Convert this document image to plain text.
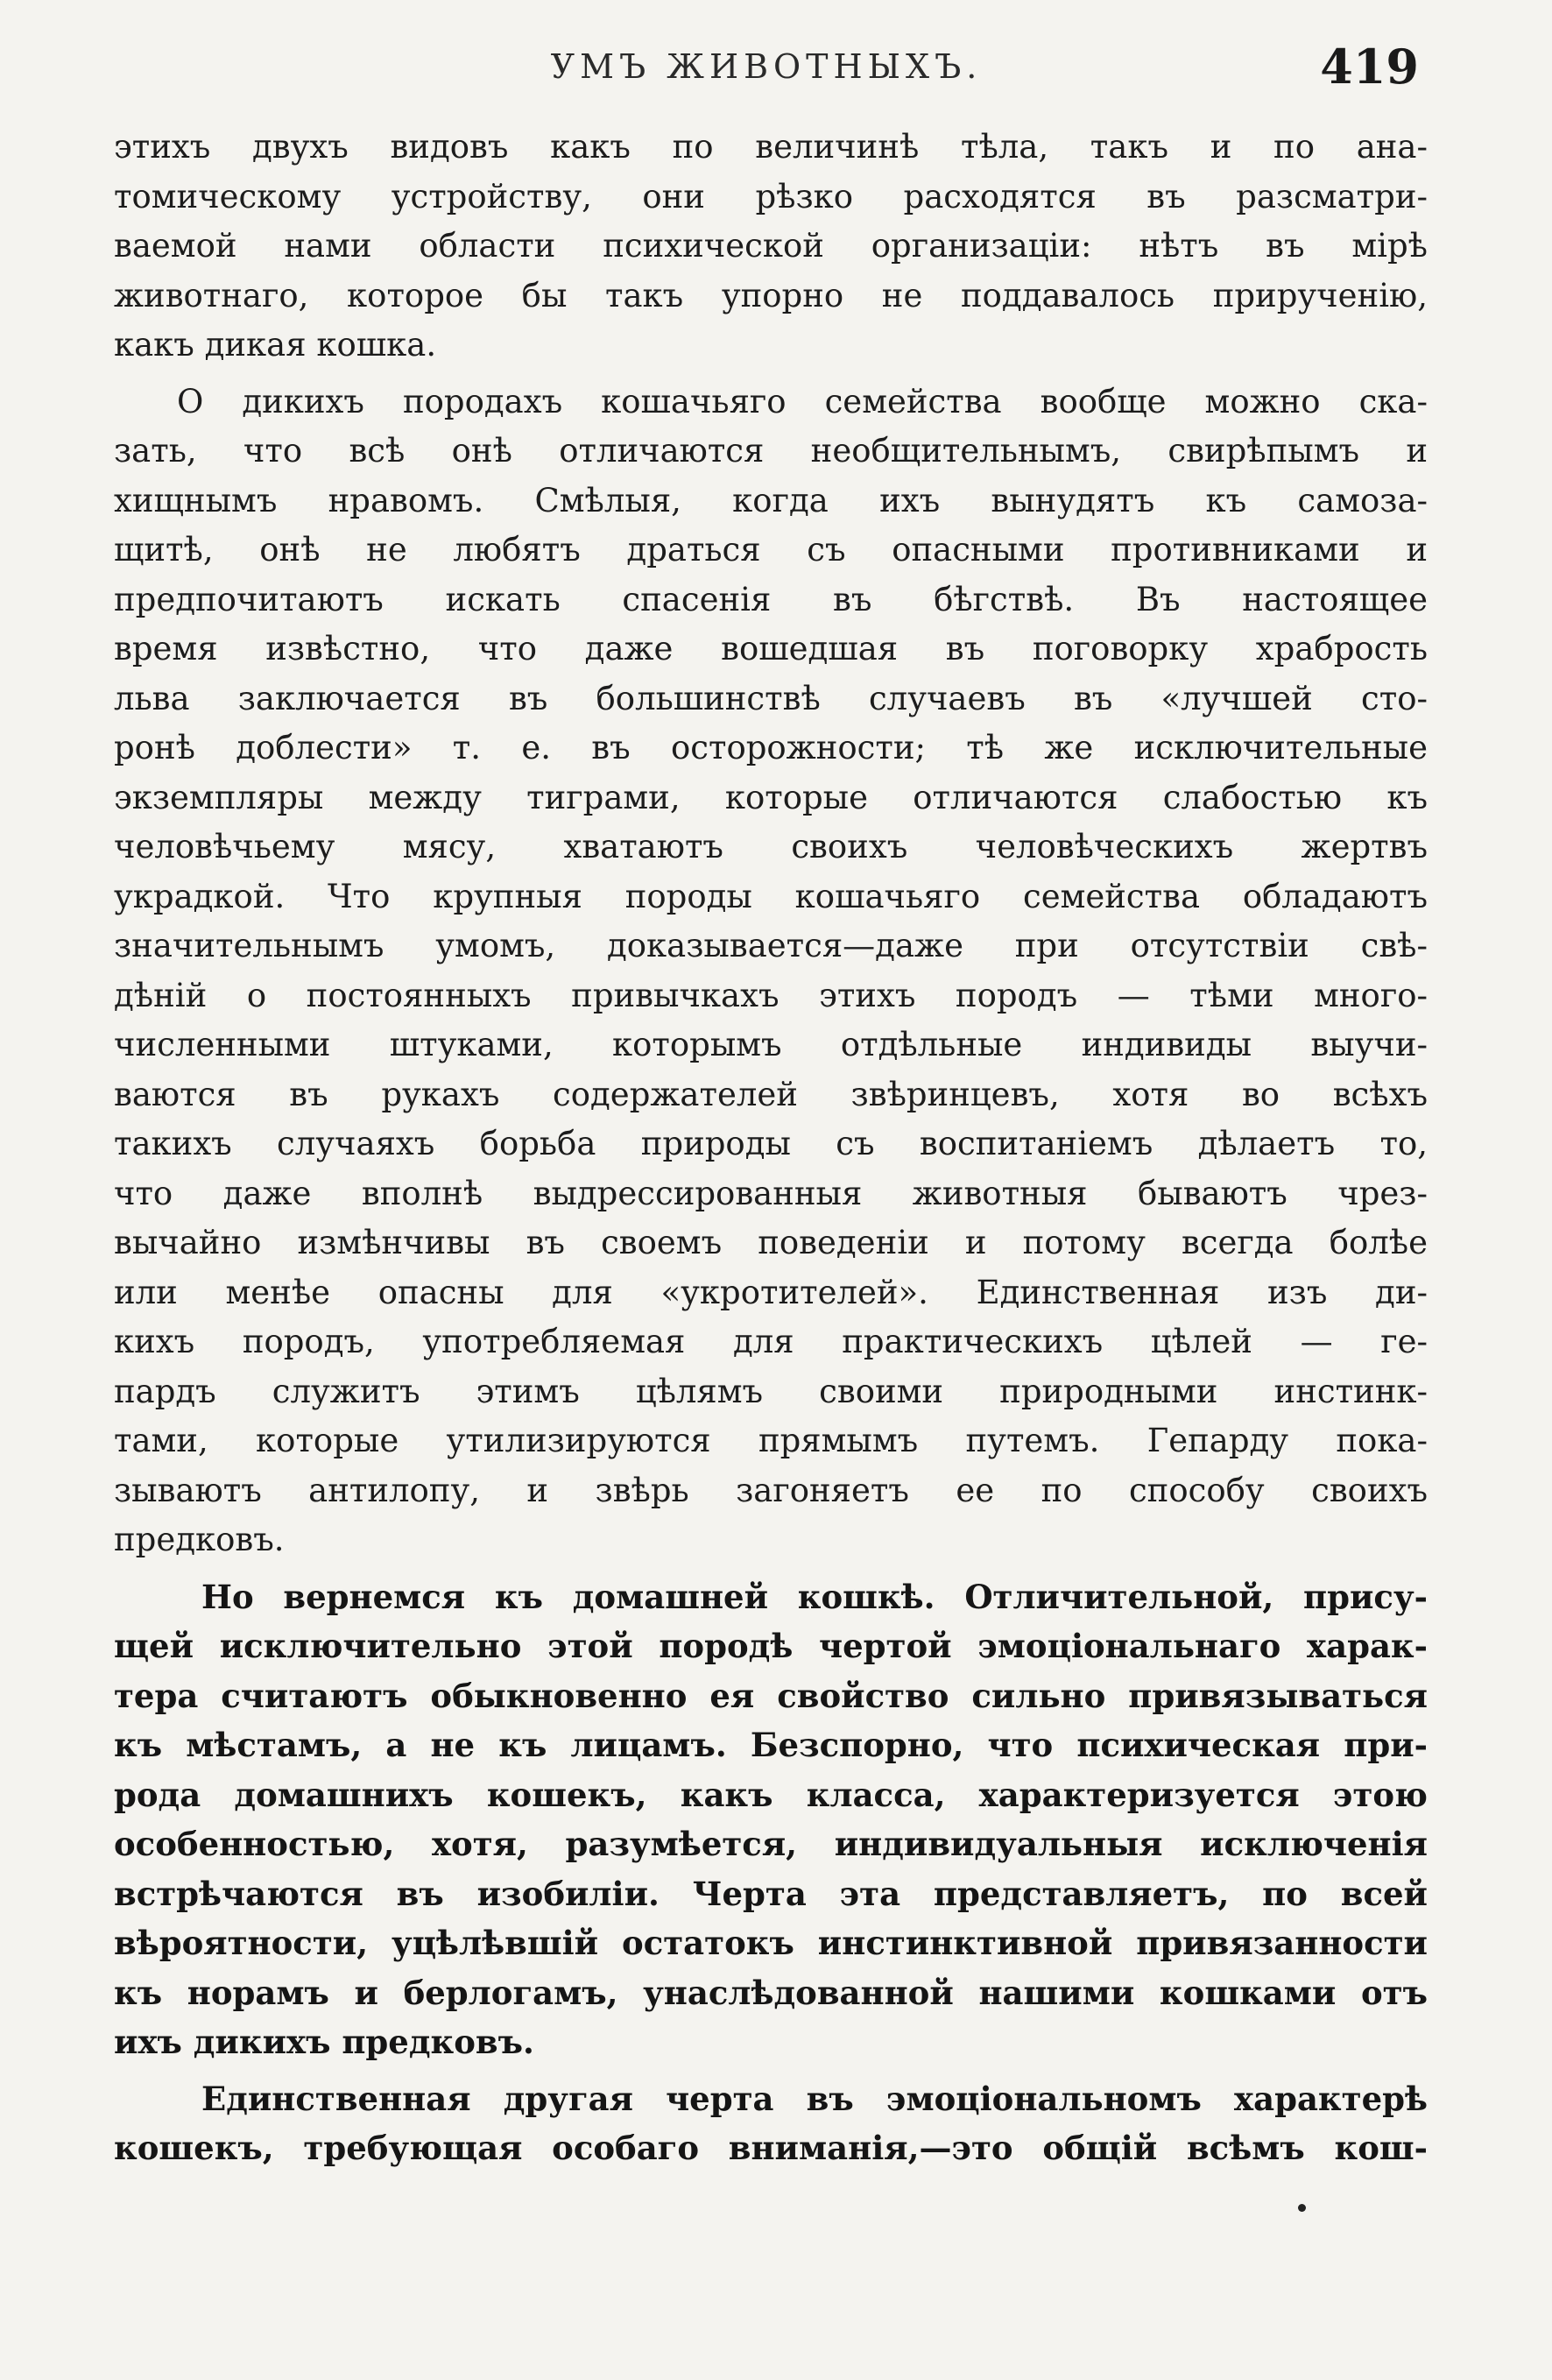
УМЪ ЖИВОТНЫХЪ.	419
этихъ двухъ видовъ какъ по величинѣ тѣла, такъ и по ана-
томическому устройству, они рѣзко расходятся въ разсматри-
ваемой нами области психической организаціи: нѣтъ въ мірѣ
животнаго, которое бы такъ упорно не поддавалось прирученію,
какъ дикая кошка.
О дикихъ породахъ кошачьяго семейства вообще можно ска-
зать, что всѣ онѣ отличаются необщительнымъ, свирѣпымъ и
хищнымъ нравомъ. Смѣлыя, когда ихъ вынудятъ къ самоза-
щитѣ, онѣ не любятъ драться съ опасными противниками и
предпочитаютъ искать спасенія въ бѣгствѣ. Въ настоящее
время извѣстно, что даже вошедшая въ поговорку храбрость
льва заключается въ большинствѣ случаевъ въ «лучшей сто-
ронѣ доблести» т. е. въ осторожности; тѣ же исключительные
экземпляры между тиграми, которые отличаются слабостью къ
человѣчьему мясу, хватаютъ своихъ человѣческихъ жертвъ
украдкой. Что крупныя породы кошачьяго семейства обладаютъ
значительнымъ умомъ, доказывается—даже при отсутствіи свѣ-
дѣній о постоянныхъ привычкахъ этихъ породъ — тѣми много-
численными штуками, которымъ отдѣльные индивиды выучи-
ваются въ рукахъ содержателей звѣринцевъ, хотя во всѣхъ
такихъ случаяхъ борьба природы съ воспитаніемъ дѣлаетъ то,
что даже вполнѣ выдрессированныя животныя бываютъ чрез-
вычайно измѣнчивы въ своемъ поведеніи и потому всегда болѣе
или менѣе опасны для «укротителей». Единственная изъ ди-
кихъ породъ, употребляемая для практическихъ цѣлей — ге-
пардъ служитъ этимъ цѣлямъ своими природными инстинк-
тами, которые утилизируются прямымъ путемъ. Гепарду пока-
зываютъ антилопу, и звѣрь загоняетъ ее по способу своихъ
предковъ.
Но вернемся къ домашней кошкѣ. Отличительной, прису-
щей исключительно этой породѣ чертой эмоціональнаго харак-
тера считаютъ обыкновенно ея свойство сильно привязываться
къ мѣстамъ, а не къ лицамъ. Безспорно, что психическая при-
рода домашнихъ кошекъ, какъ класса, характеризуется этою
особенностью, хотя, разумѣется, индивидуальныя исключенія
встрѣчаются въ изобиліи. Черта эта представляетъ, по всей
вѣроятности, уцѣлѣвшій остатокъ инстинктивной привязанности
къ норамъ и берлогамъ, унаслѣдованной нашими кошками отъ
ихъ дикихъ предковъ.
Единственная другая черта въ эмоціональномъ характерѣ
кошекъ, требующая особаго вниманія,—это общій всѣмъ кош-
